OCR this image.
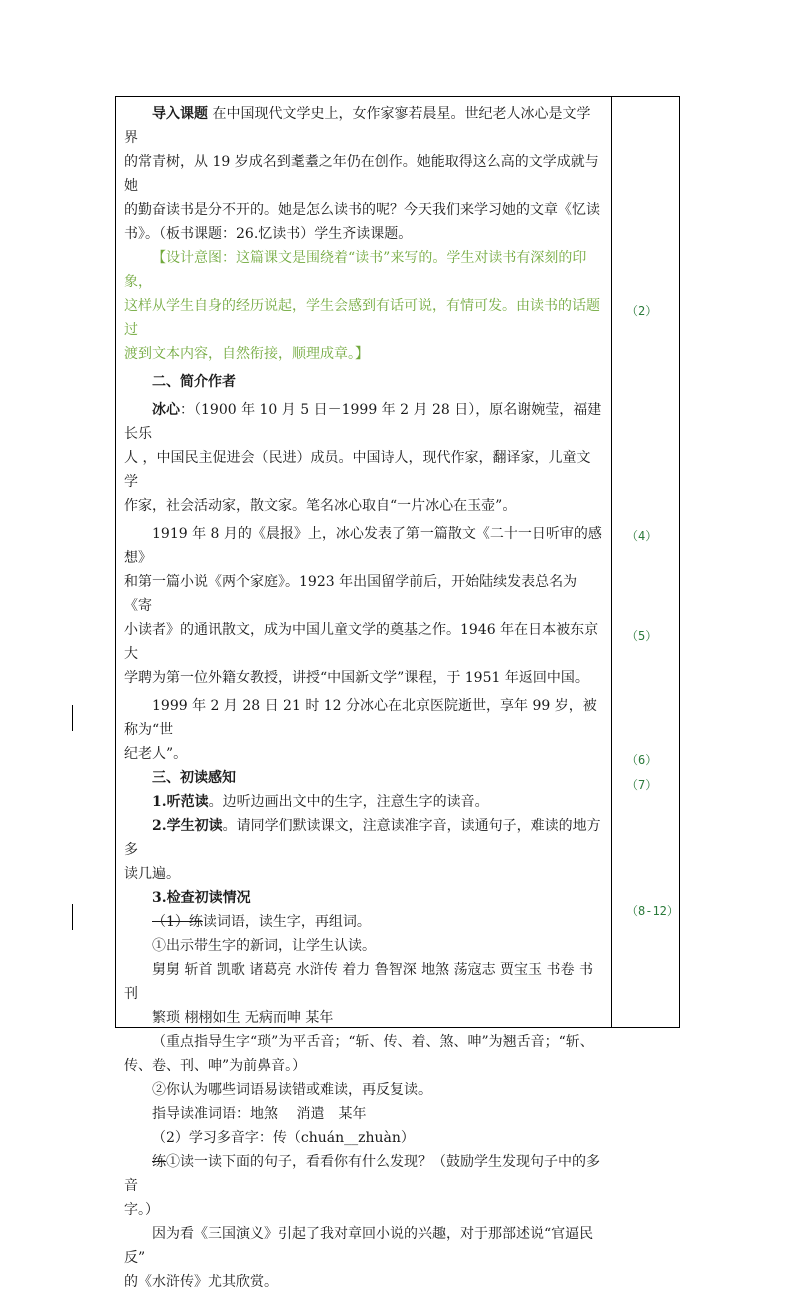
导入课题 在中国现代文学史上，女作家寥若晨星。世纪老人冰心是文学界

的常青树，从 19 岁成名到耄耋之年仍在创作。她能取得这么高的文学成就与她

的勤奋读书是分不开的。她是怎么读书的呢？今天我们来学习她的文章《忆读

书》。（板书课题：26.忆读书）学生齐读课题。

【设计意图：这篇课文是围绕着“读书”来写的。学生对读书有深刻的印象，

这样从学生自身的经历说起，学生会感到有话可说，有情可发。由读书的话题过

渡到文本内容，自然衔接，顺理成章。】

二、简介作者

冰心：（1900 年 10 月 5 日－1999 年 2 月 28 日），原名谢婉莹，福建长乐

人 ，中国民主促进会（民进）成员。中国诗人，现代作家，翻译家，儿童文学

作家，社会活动家，散文家。笔名冰心取自“一片冰心在玉壶”。

1919 年 8 月的《晨报》上，冰心发表了第一篇散文《二十一日听审的感想》

和第一篇小说《两个家庭》。1923 年出国留学前后，开始陆续发表总名为《寄

小读者》的通讯散文，成为中国儿童文学的奠基之作。1946 年在日本被东京大

学聘为第一位外籍女教授，讲授“中国新文学”课程，于 1951 年返回中国。

1999 年 2 月 28 日 21 时 12 分冰心在北京医院逝世，享年 99 岁，被称为“世

纪老人”。

三、初读感知

1.听范读。边听边画出文中的生字，注意生字的读音。

2.学生初读。请同学们默读课文，注意读准字音，读通句子，难读的地方多

读几遍。

3.检查初读情况

（1）练读词语，读生字，再组词。

①出示带生字的新词，让学生认读。

舅舅 斩首 凯歌 诸葛亮 水浒传 着力 鲁智深 地煞 荡寇志 贾宝玉 书卷 书刊

繁琐 栩栩如生 无病而呻 某年

（重点指导生字“琐”为平舌音；“斩、传、着、煞、呻”为翘舌音；“斩、

传、卷、刊、呻”为前鼻音。）

②你认为哪些词语易读错或难读，再反复读。

指导读准词语：地煞　 消遣　某年

（2）学习多音字：传（chuán__zhuàn）

练①读一读下面的句子，看看你有什么发现？（鼓励学生发现句子中的多音

字。）

因为看《三国演义》引起了我对章回小说的兴趣，对于那部述说“官逼民反”

的《水浒传》尤其欣赏。

（2）
（4）
（5）
（6）
（7）
（8-12）
